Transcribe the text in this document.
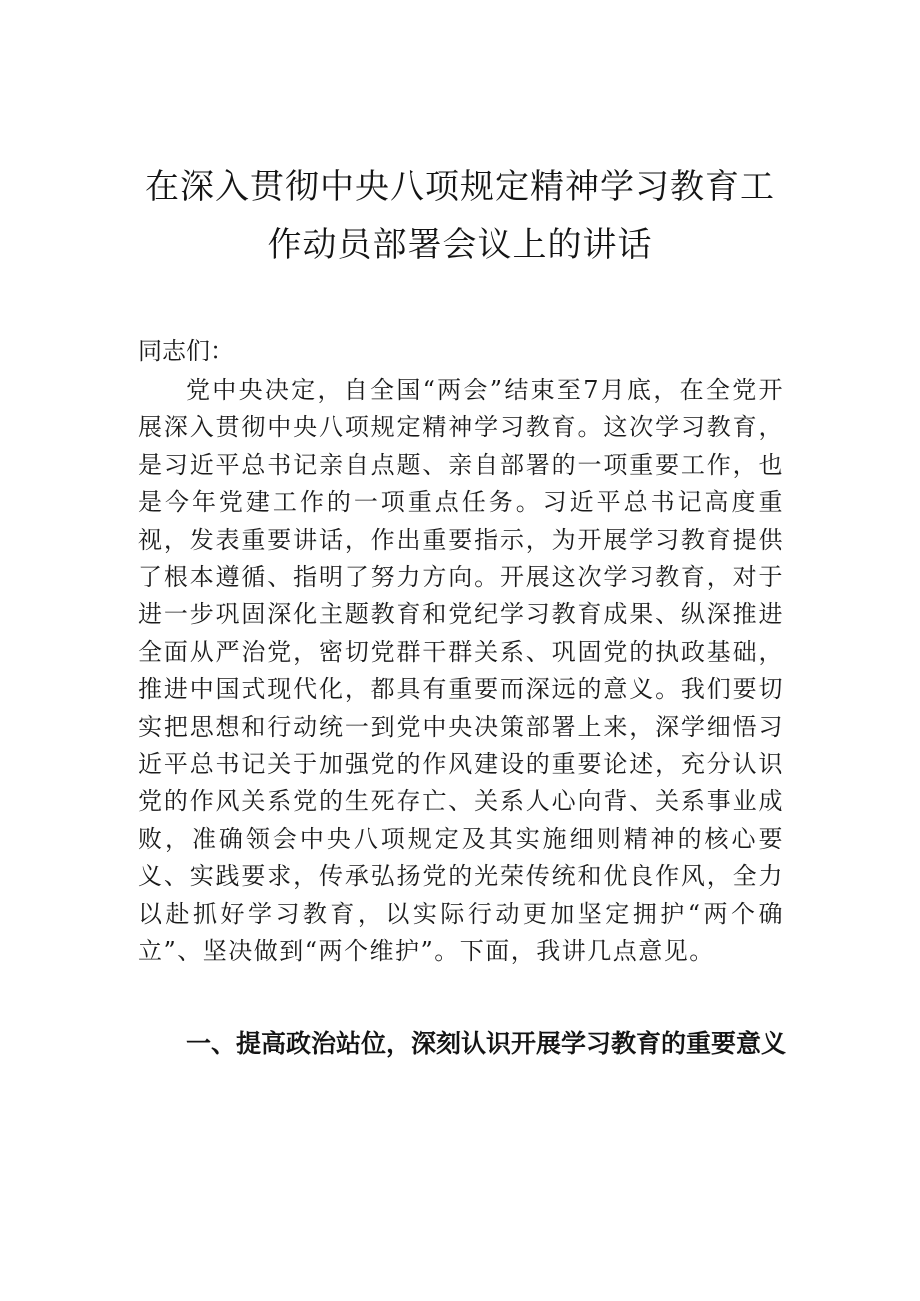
在深入贯彻中央八项规定精神学习教育工
作动员部署会议上的讲话
同志们：
党中央决定，自全国“两会”结束至7月底，在全党开展深入贯彻中央八项规定精神学习教育。这次学习教育，是习近平总书记亲自点题、亲自部署的一项重要工作，也是今年党建工作的一项重点任务。习近平总书记高度重视，发表重要讲话，作出重要指示，为开展学习教育提供了根本遵循、指明了努力方向。开展这次学习教育，对于进一步巩固深化主题教育和党纪学习教育成果、纵深推进全面从严治党，密切党群干群关系、巩固党的执政基础，推进中国式现代化，都具有重要而深远的意义。我们要切实把思想和行动统一到党中央决策部署上来，深学细悟习近平总书记关于加强党的作风建设的重要论述，充分认识党的作风关系党的生死存亡、关系人心向背、关系事业成败，准确领会中央八项规定及其实施细则精神的核心要义、实践要求，传承弘扬党的光荣传统和优良作风，全力以赴抓好学习教育，以实际行动更加坚定拥护“两个确立”、坚决做到“两个维护”。下面，我讲几点意见。
一、提高政治站位，深刻认识开展学习教育的重要意义
